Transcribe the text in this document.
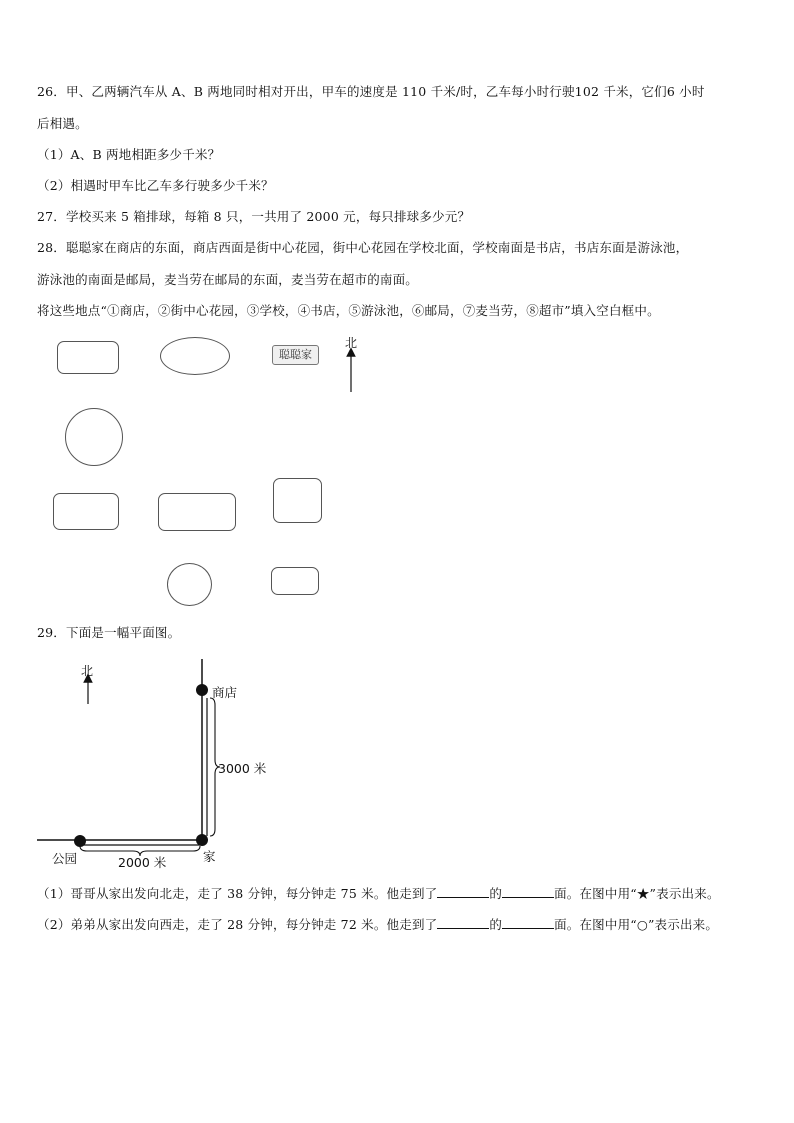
26．甲、乙两辆汽车从 A、B 两地同时相对开出，甲车的速度是 110 千米/时，乙车每小时行驶102 千米，它们6 小时
后相遇。
（1）A、B 两地相距多少千米？
（2）相遇时甲车比乙车多行驶多少千米？
27．学校买来 5 箱排球，每箱 8 只，一共用了 2000 元，每只排球多少元？
28．聪聪家在商店的东面，商店西面是街中心花园，街中心花园在学校北面，学校南面是书店，书店东面是游泳池，
游泳池的南面是邮局，麦当劳在邮局的东面，麦当劳在超市的南面。
将这些地点“①商店，②街中心花园，③学校，④书店，⑤游泳池，⑥邮局，⑦麦当劳，⑧超市”填入空白框中。
聪聪家
北
29．下面是一幅平面图。
北
商店
3000 米
公园	2000 米	家
（1）哥哥从家出发向北走，走了 38 分钟，每分钟走 75 米。他走到了	的	面。在图中用“★”表示出来。
（2）弟弟从家出发向西走，走了 28 分钟，每分钟走 72 米。他走到了	的	面。在图中用“○”表示出来。
